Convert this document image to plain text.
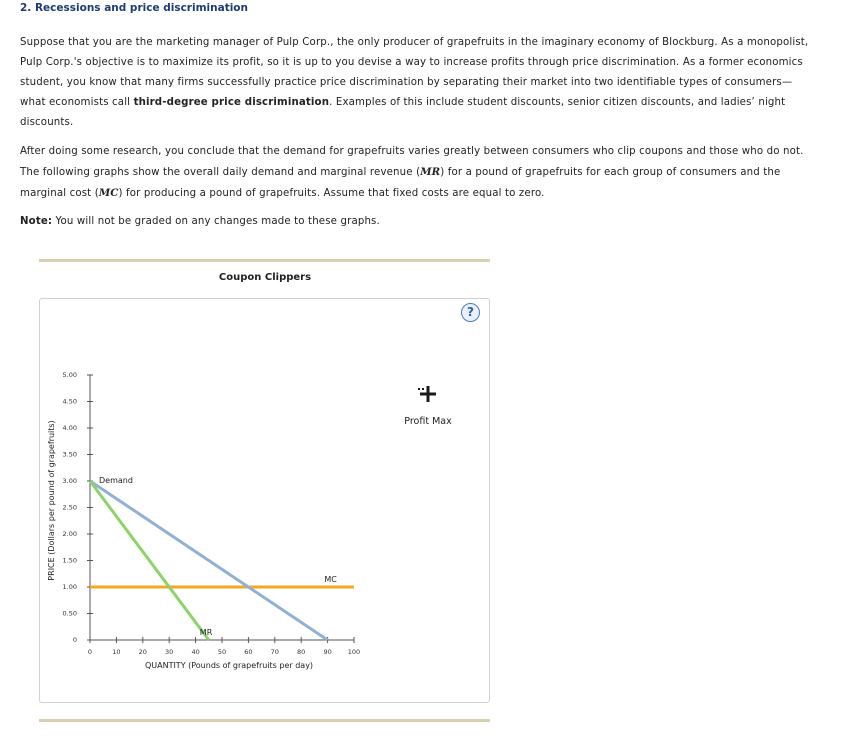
2. Recessions and price discrimination

Suppose that you are the marketing manager of Pulp Corp., the only producer of grapefruits in the imaginary economy of Blockburg. As a monopolist, Pulp Corp.'s objective is to maximize its profit, so it is up to you devise a way to increase profits through price discrimination. As a former economics student, you know that many firms successfully practice price discrimination by separating their market into two identifiable types of consumers—what economists call third-degree price discrimination. Examples of this include student discounts, senior citizen discounts, and ladies’ night discounts.

After doing some research, you conclude that the demand for grapefruits varies greatly between consumers who clip coupons and those who do not. The following graphs show the overall daily demand and marginal revenue (MR) for a pound of grapefruits for each group of consumers and the marginal cost (MC) for producing a pound of grapefruits. Assume that fixed costs are equal to zero.

Note: You will not be graded on any changes made to these graphs.

Coupon Clippers
?
0
0.50
1.00
1.50
2.00
2.50
3.00
3.50
4.00
4.50
5.00
0	10	20	30	40	50	60	70	80	90 100
QUANTITY (Pounds of grapefruits per day)
PRICE (Dollars per pound of grapefruits)	Demand
MR
MC
Profit Max
